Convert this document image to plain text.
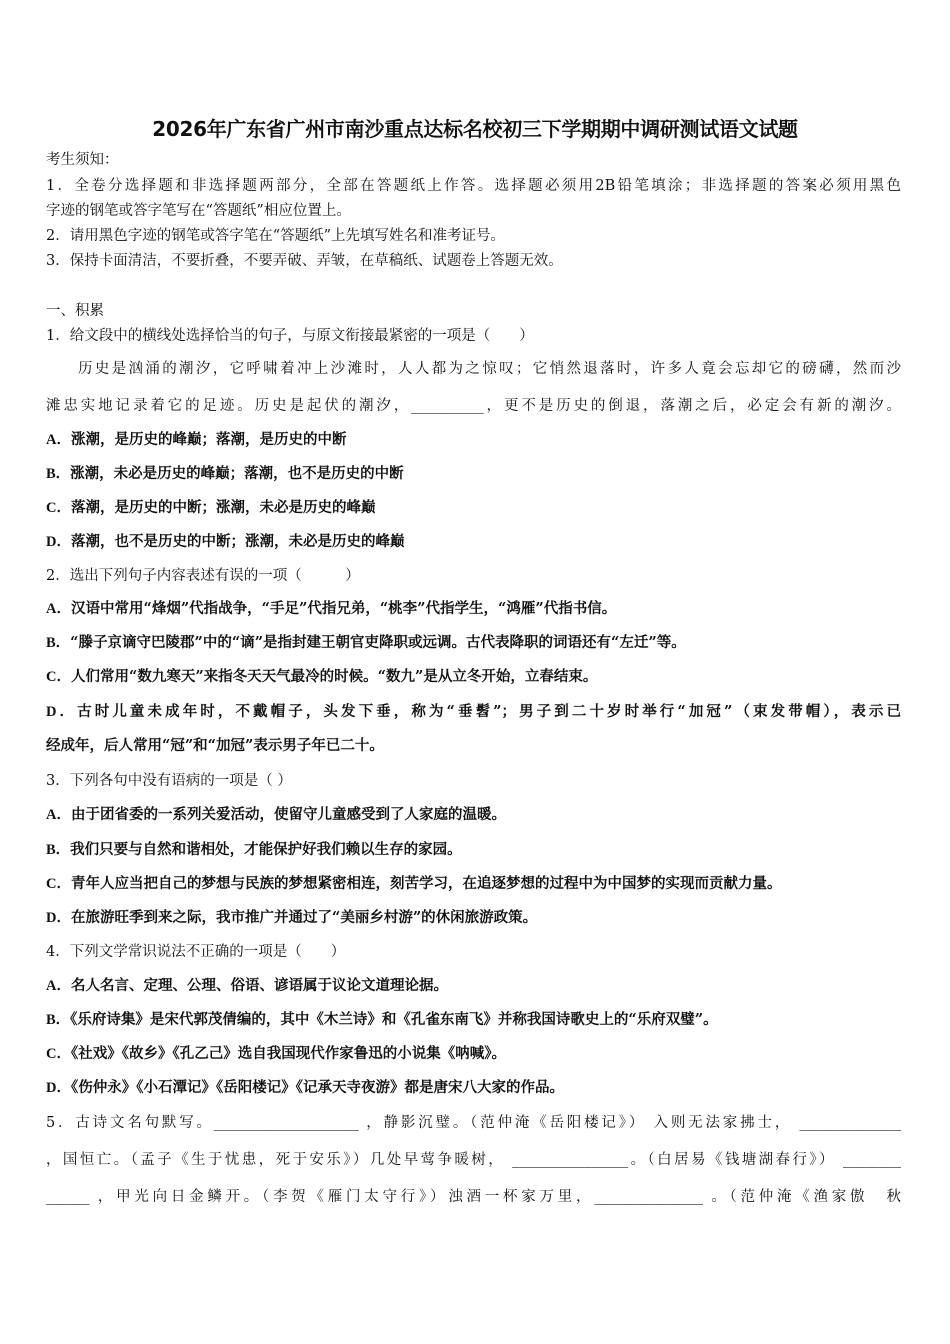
2026年广东省广州市南沙重点达标名校初三下学期期中调研测试语文试题
考生须知：
1．全卷分选择题和非选择题两部分，全部在答题纸上作答。选择题必须用2B铅笔填涂；非选择题的答案必须用黑色
字迹的钢笔或答字笔写在“答题纸”相应位置上。
2．请用黑色字迹的钢笔或答字笔在“答题纸”上先填写姓名和准考证号。
3．保持卡面清洁，不要折叠，不要弄破、弄皱，在草稿纸、试题卷上答题无效。
一、积累
1．给文段中的横线处选择恰当的句子，与原文衔接最紧密的一项是（　　）
历史是汹涌的潮汐，它呼啸着冲上沙滩时，人人都为之惊叹；它悄然退落时，许多人竟会忘却它的磅礴，然而沙
滩忠实地记录着它的足迹。历史是起伏的潮汐，__________，更不是历史的倒退，落潮之后，必定会有新的潮汐。
A．涨潮，是历史的峰巅；落潮，是历史的中断
B．涨潮，未必是历史的峰巅；落潮，也不是历史的中断
C．落潮，是历史的中断；涨潮，未必是历史的峰巅
D．落潮，也不是历史的中断；涨潮，未必是历史的峰巅
2．选出下列句子内容表述有误的一项（　　　）
A．汉语中常用“烽烟”代指战争，“手足”代指兄弟，“桃李”代指学生，“鸿雁”代指书信。
B．“滕子京谪守巴陵郡”中的“谪”是指封建王朝官吏降职或远调。古代表降职的词语还有“左迁”等。
C．人们常用“数九寒天”来指冬天天气最冷的时候。“数九”是从立冬开始，立春结束。
D．古时儿童未成年时，不戴帽子，头发下垂，称为“垂髫”；男子到二十岁时举行“加冠”（束发带帽），表示已
经成年，后人常用“冠”和“加冠”表示男子年已二十。
3．下列各句中没有语病的一项是（ ）
A．由于团省委的一系列关爱活动，使留守儿童感受到了人家庭的温暖。
B．我们只要与自然和谐相处，才能保护好我们赖以生存的家园。
C．青年人应当把自己的梦想与民族的梦想紧密相连，刻苦学习，在追逐梦想的过程中为中国梦的实现而贡献力量。
D．在旅游旺季到来之际，我市推广并通过了“美丽乡村游”的休闲旅游政策。
4．下列文学常识说法不正确的一项是（　　）
A．名人名言、定理、公理、俗语、谚语属于议论文道理论据。
B．《乐府诗集》是宋代郭茂倩编的，其中《木兰诗》和《孔雀东南飞》并称我国诗歌史上的“乐府双璧”。
C．《社戏》《故乡》《孔乙己》选自我国现代作家鲁迅的小说集《呐喊》。
D．《伤仲永》《小石潭记》《岳阳楼记》《记承天寺夜游》都是唐宋八大家的作品。
5．古诗文名句默写。____________________ ，静影沉璧。（范仲淹《岳阳楼记》） 入则无法家拂士， ______________
，国恒亡。（孟子《生于忧患，死于安乐》）几处早莺争暖树， ________________。（白居易《钱塘湖春行》） ________
______ ，甲光向日金鳞开。（李贺《雁门太守行》）浊酒一杯家万里，_______________ 。（范仲淹《渔家傲　秋
